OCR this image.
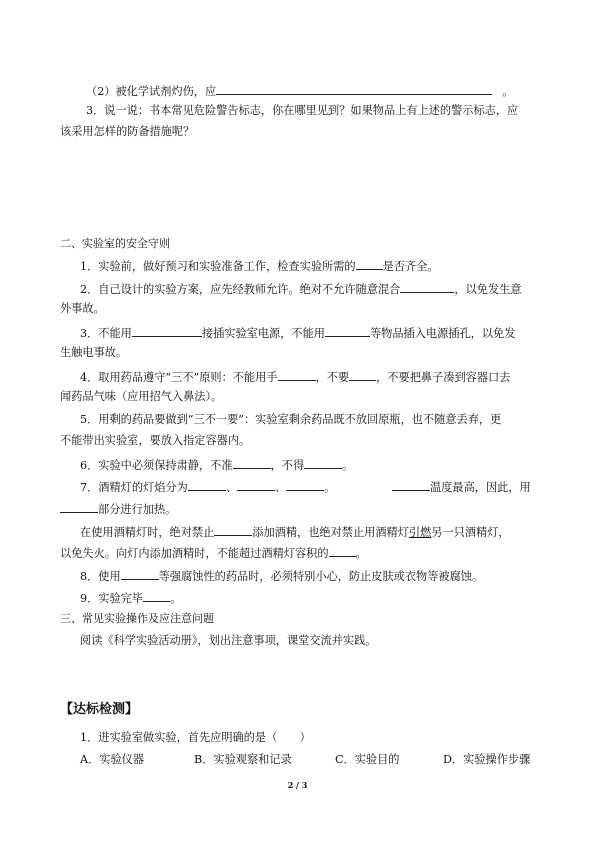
（2）被化学试剂灼伤，应	。
3．说一说：书本常见危险警告标志，你在哪里见到？如果物品上有上述的警示标志，应
该采用怎样的防备措施呢？
二、实验室的安全守则
1．实验前，做好预习和实验准备工作，检查实验所需的 是否齐全。
2．自己设计的实验方案，应先经教师允许。绝对不允许随意混合	，以免发生意
外事故。
3．不能用	接插实验室电源，不能用	等物品插入电源插孔，以免发
生触电事故。
4．取用药品遵守“三不”原则：不能用手	，不要 ，不要把鼻子凑到容器口去
闻药品气味（应用招气入鼻法）。
5．用剩的药品要做到“三不一要”：实验室剩余药品既不放回原瓶，也不随意丢弃，更
不能带出实验室，要放入指定容器内。
6．实验中必须保持肃静，不准	，不得	。
7．酒精灯的灯焰分为	、	、	。	温度最高，因此，用
部分进行加热。
在使用酒精灯时，绝对禁止	添加酒精，也绝对禁止用酒精灯引燃另一只酒精灯，
以免失火。向灯内添加酒精时，不能超过酒精灯容积的 。
8．使用	等强腐蚀性的药品时，必须特别小心，防止皮肤或衣物等被腐蚀。
9．实验完毕 。
三、常见实验操作及应注意问题
阅读《科学实验活动册》，划出注意事项，课堂交流并实践。
【达标检测】
1．进实验室做实验，首先应明确的是（　　）
A．实验仪器	B．实验观察和记录	C．实验目的	D．实验操作步骤
2 / 3
